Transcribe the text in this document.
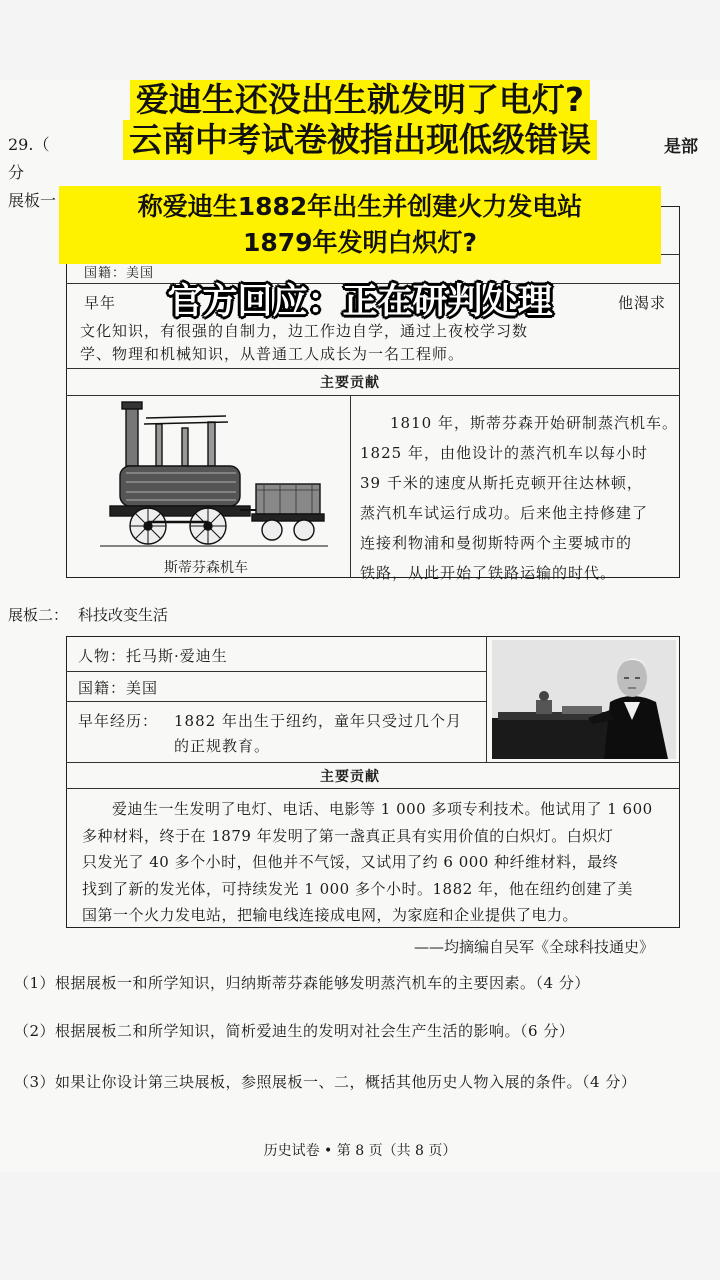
29.（
分
是部
展板一
国籍：美国
早年	他渴求
文化知识，有很强的自制力，边工作边自学，通过上夜校学习数
学、物理和机械知识，从普通工人成长为一名工程师。
主要贡献
斯蒂芬森机车
1810 年，斯蒂芬森开始研制蒸汽机车。
1825 年，由他设计的蒸汽机车以每小时
39 千米的速度从斯托克顿开往达林顿，
蒸汽机车试运行成功。后来他主持修建了
连接利物浦和曼彻斯特两个主要城市的
铁路，从此开始了铁路运输的时代。
展板二： 科技改变生活
人物：托马斯·爱迪生
国籍：美国
早年经历： 1882 年出生于纽约，童年只受过几个月
的正规教育。
主要贡献
爱迪生一生发明了电灯、电话、电影等 1 000 多项专利技术。他试用了 1 600
多种材料，终于在 1879 年发明了第一盏真正具有实用价值的白炽灯。白炽灯
只发光了 40 多个小时，但他并不气馁，又试用了约 6 000 种纤维材料，最终
找到了新的发光体，可持续发光 1 000 多个小时。1882 年，他在纽约创建了美
国第一个火力发电站，把输电线连接成电网，为家庭和企业提供了电力。
——均摘编自吴军《全球科技通史》
（1）根据展板一和所学知识，归纳斯蒂芬森能够发明蒸汽机车的主要因素。（4 分）
（2）根据展板二和所学知识，简析爱迪生的发明对社会生产生活的影响。（6 分）
（3）如果让你设计第三块展板，参照展板一、二，概括其他历史人物入展的条件。（4 分）
历史试卷 • 第 8 页（共 8 页）
爱迪生还没出生就发明了电灯?
云南中考试卷被指出现低级错误
称爱迪生1882年出生并创建火力发电站
1879年发明白炽灯?
官方回应：正在研判处理
